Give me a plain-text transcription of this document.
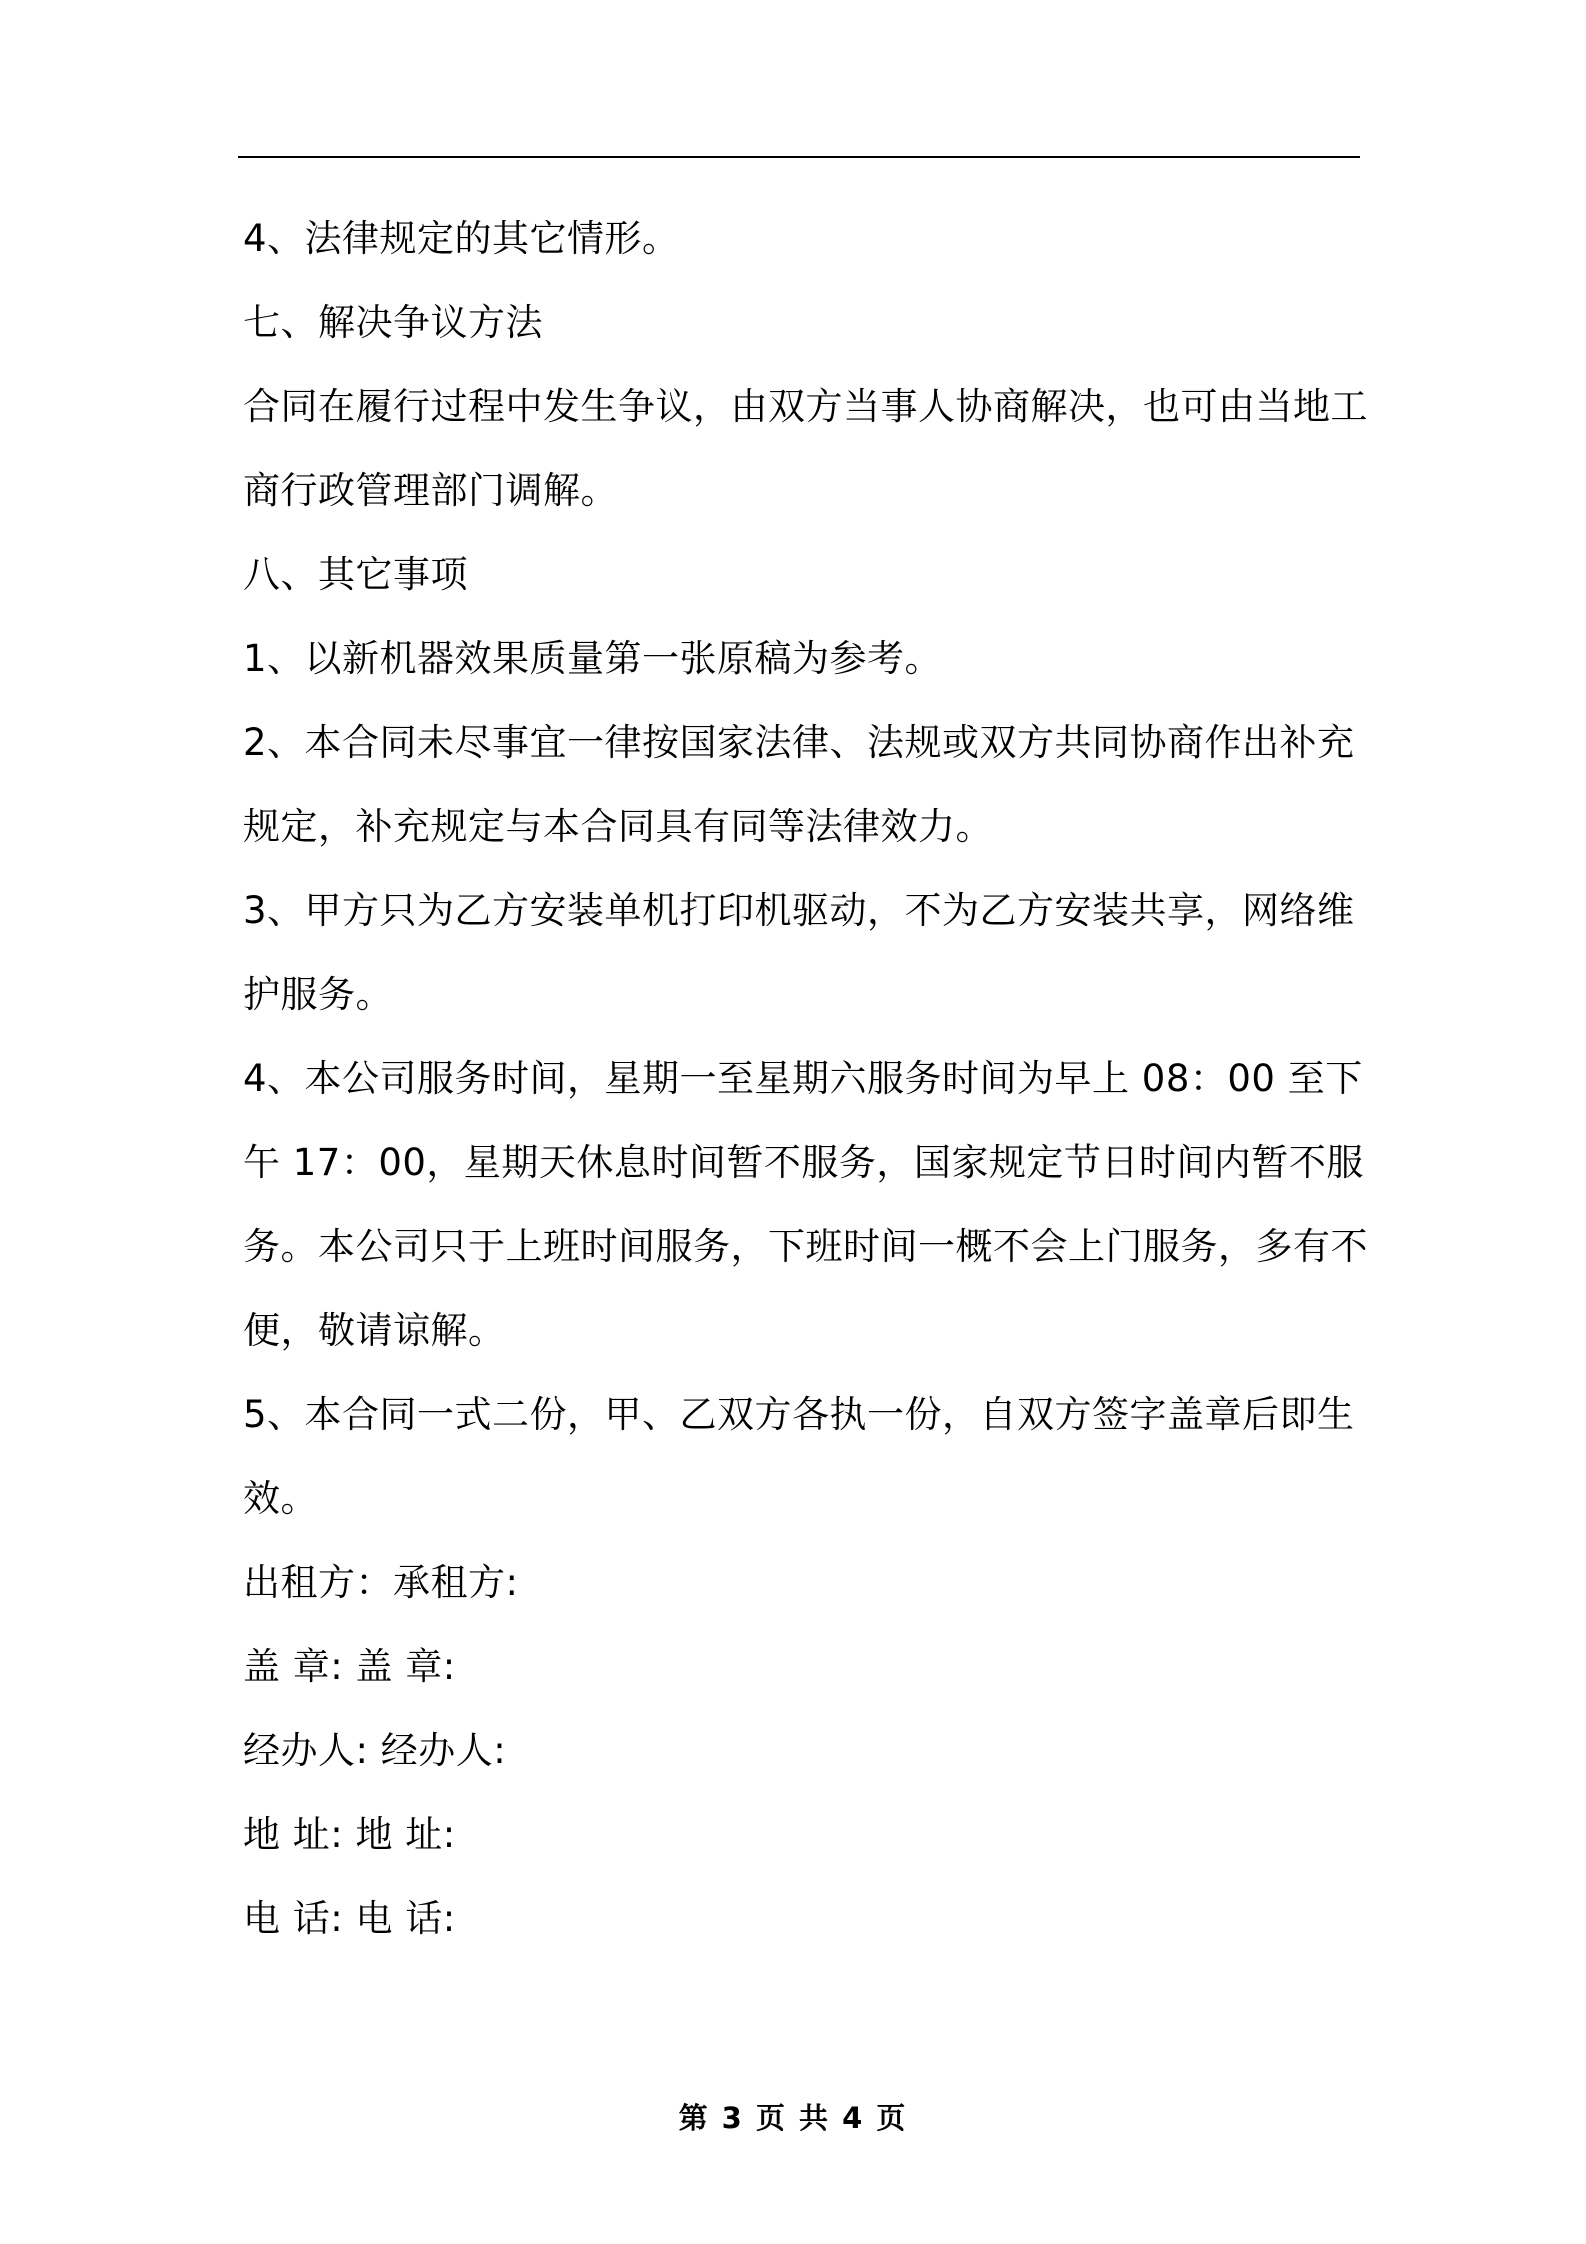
4、法律规定的其它情形。
七、解决争议方法
合同在履行过程中发生争议，由双方当事人协商解决，也可由当地工
商行政管理部门调解。
八、其它事项
1、以新机器效果质量第一张原稿为参考。
2、本合同未尽事宜一律按国家法律、法规或双方共同协商作出补充
规定，补充规定与本合同具有同等法律效力。
3、甲方只为乙方安装单机打印机驱动，不为乙方安装共享，网络维
护服务。
4、本公司服务时间，星期一至星期六服务时间为早上 08：00 至下
午 17：00，星期天休息时间暂不服务，国家规定节日时间内暂不服
务。本公司只于上班时间服务，下班时间一概不会上门服务，多有不
便，敬请谅解。
5、本合同一式二份，甲、乙双方各执一份，自双方签字盖章后即生
效。
出租方：承租方:
盖 章: 盖 章:
经办人: 经办人:
地 址: 地 址:
电 话: 电 话:
第 3 页 共 4 页
